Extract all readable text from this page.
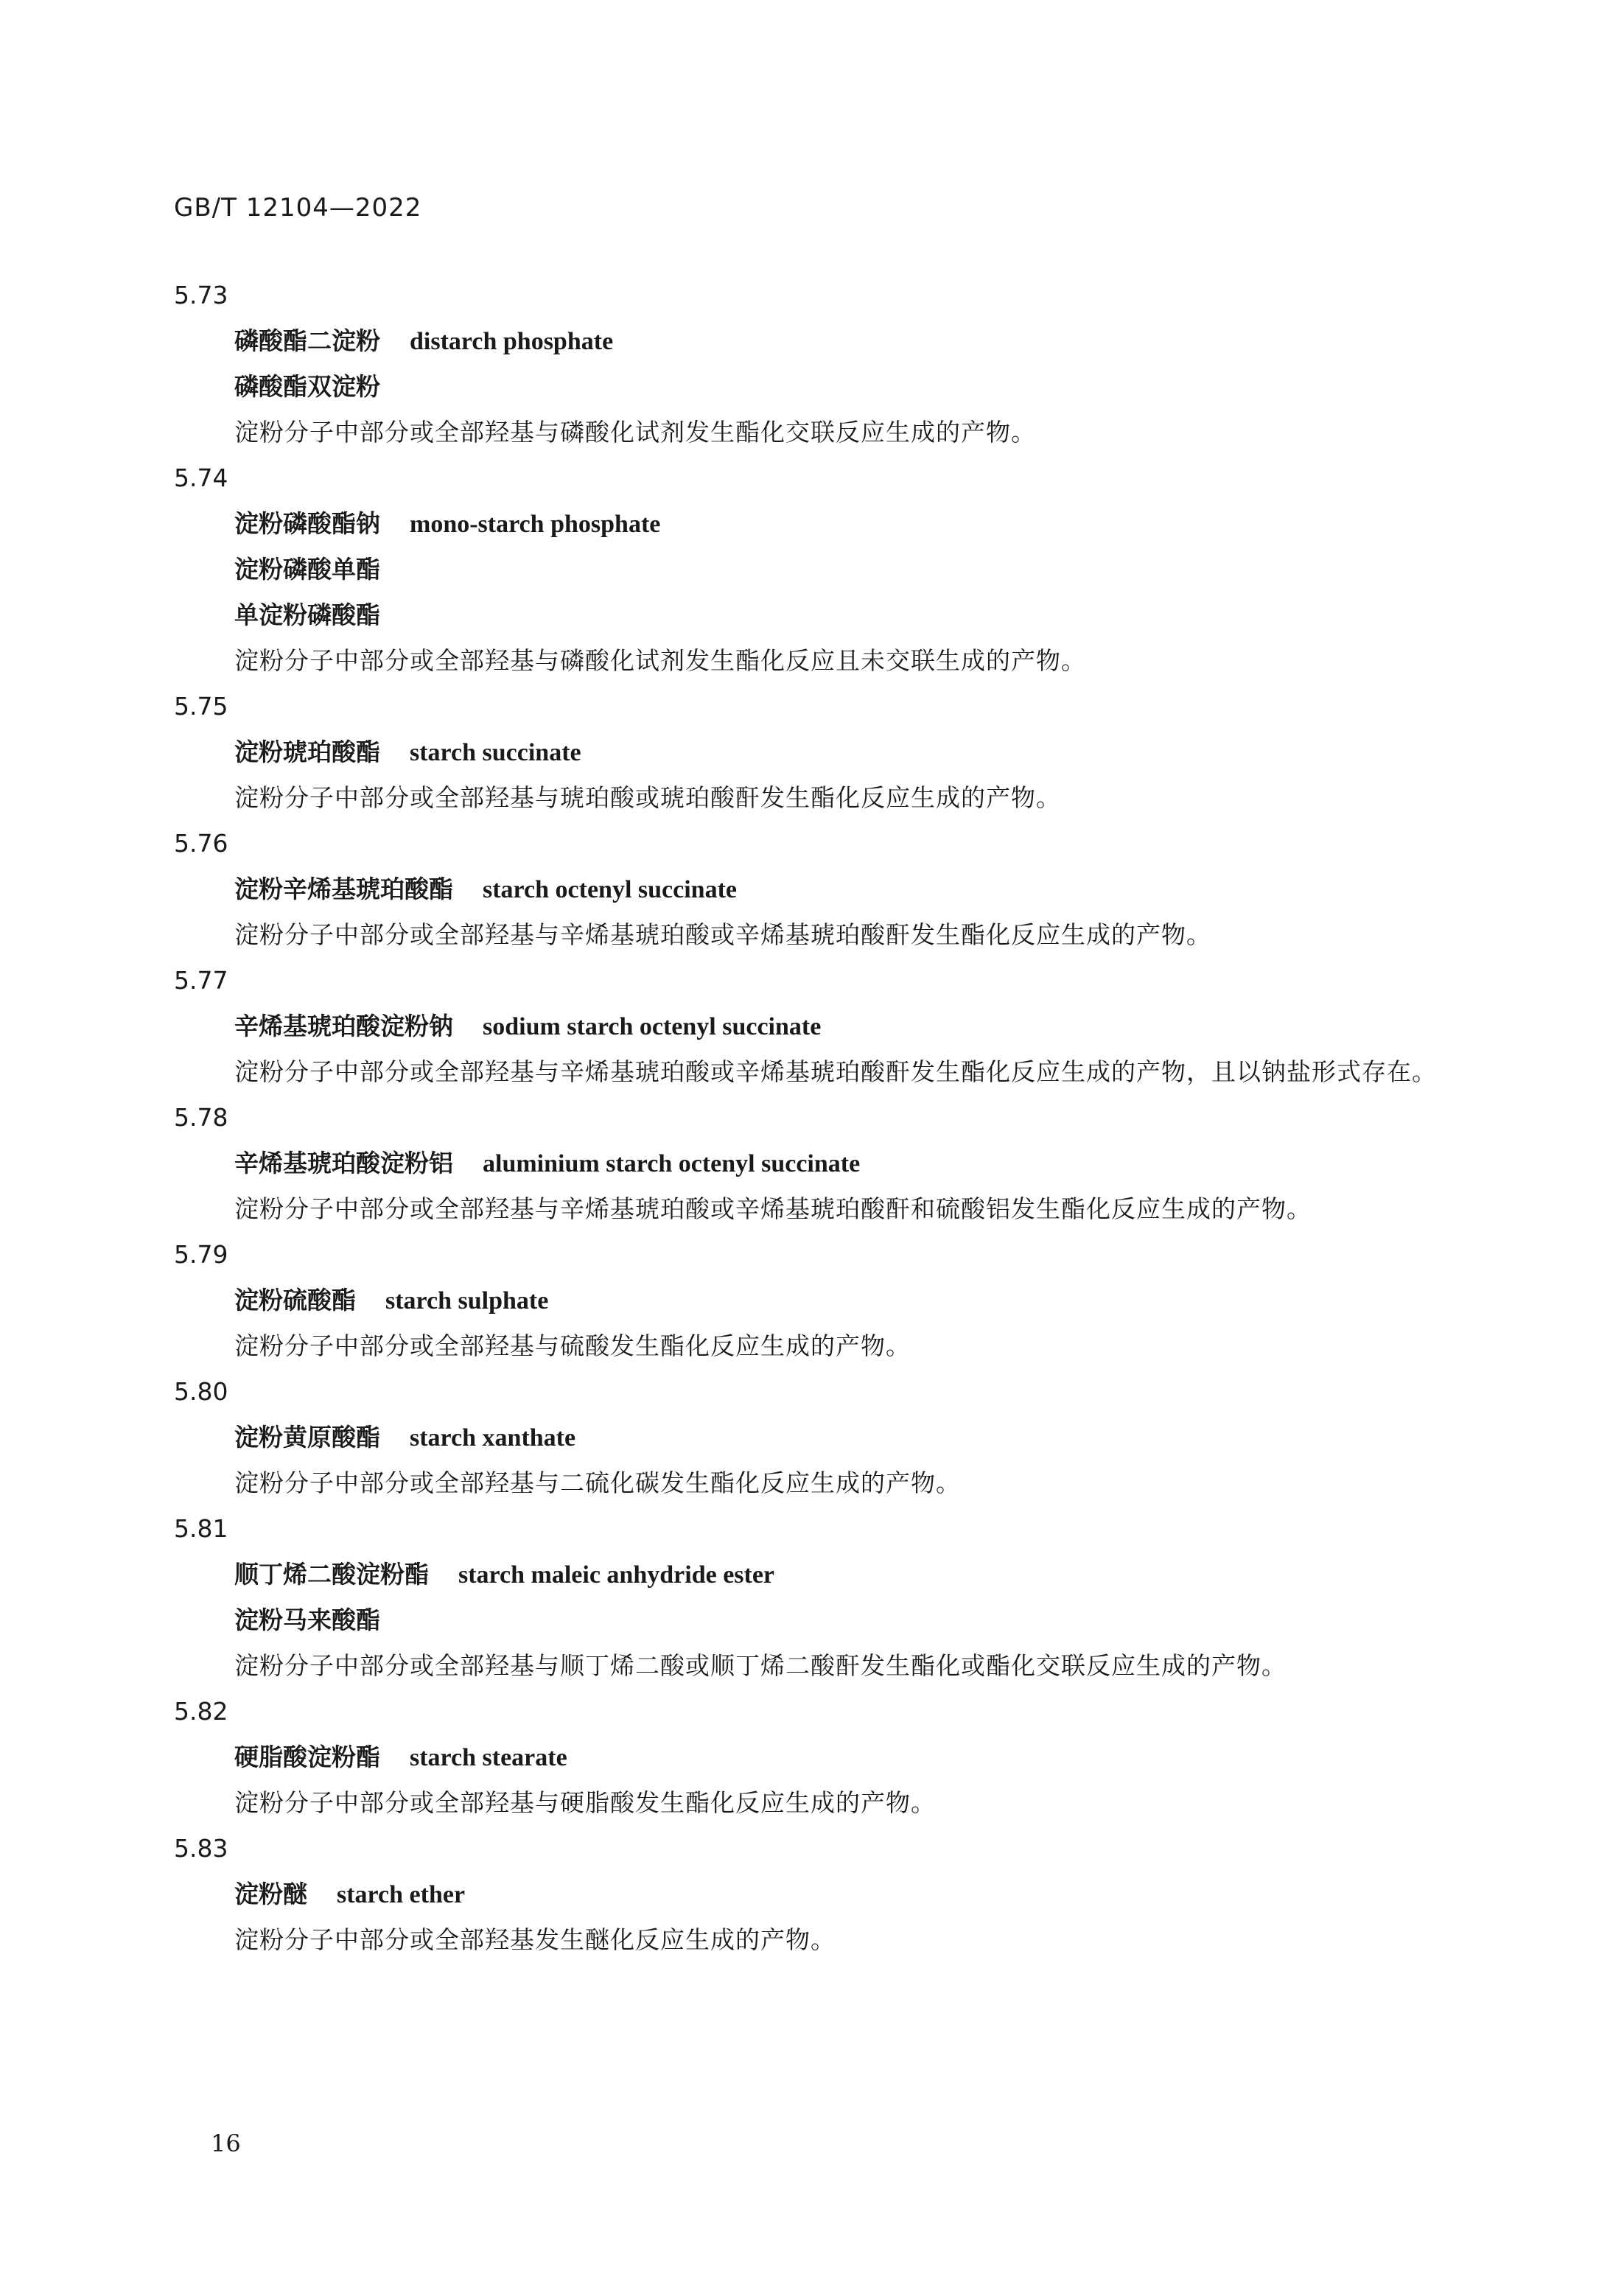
GB/T 12104—2022
5.73
磷酸酯二淀粉 distarch phosphate
磷酸酯双淀粉
淀粉分子中部分或全部羟基与磷酸化试剂发生酯化交联反应生成的产物。
5.74
淀粉磷酸酯钠 mono-starch phosphate
淀粉磷酸单酯
单淀粉磷酸酯
淀粉分子中部分或全部羟基与磷酸化试剂发生酯化反应且未交联生成的产物。
5.75
淀粉琥珀酸酯 starch succinate
淀粉分子中部分或全部羟基与琥珀酸或琥珀酸酐发生酯化反应生成的产物。
5.76
淀粉辛烯基琥珀酸酯 starch octenyl succinate
淀粉分子中部分或全部羟基与辛烯基琥珀酸或辛烯基琥珀酸酐发生酯化反应生成的产物。
5.77
辛烯基琥珀酸淀粉钠 sodium starch octenyl succinate
淀粉分子中部分或全部羟基与辛烯基琥珀酸或辛烯基琥珀酸酐发生酯化反应生成的产物，且以钠盐形式存在。
5.78
辛烯基琥珀酸淀粉铝 aluminium starch octenyl succinate
淀粉分子中部分或全部羟基与辛烯基琥珀酸或辛烯基琥珀酸酐和硫酸铝发生酯化反应生成的产物。
5.79
淀粉硫酸酯 starch sulphate
淀粉分子中部分或全部羟基与硫酸发生酯化反应生成的产物。
5.80
淀粉黄原酸酯 starch xanthate
淀粉分子中部分或全部羟基与二硫化碳发生酯化反应生成的产物。
5.81
顺丁烯二酸淀粉酯 starch maleic anhydride ester
淀粉马来酸酯
淀粉分子中部分或全部羟基与顺丁烯二酸或顺丁烯二酸酐发生酯化或酯化交联反应生成的产物。
5.82
硬脂酸淀粉酯 starch stearate
淀粉分子中部分或全部羟基与硬脂酸发生酯化反应生成的产物。
5.83
淀粉醚 starch ether
淀粉分子中部分或全部羟基发生醚化反应生成的产物。
16
